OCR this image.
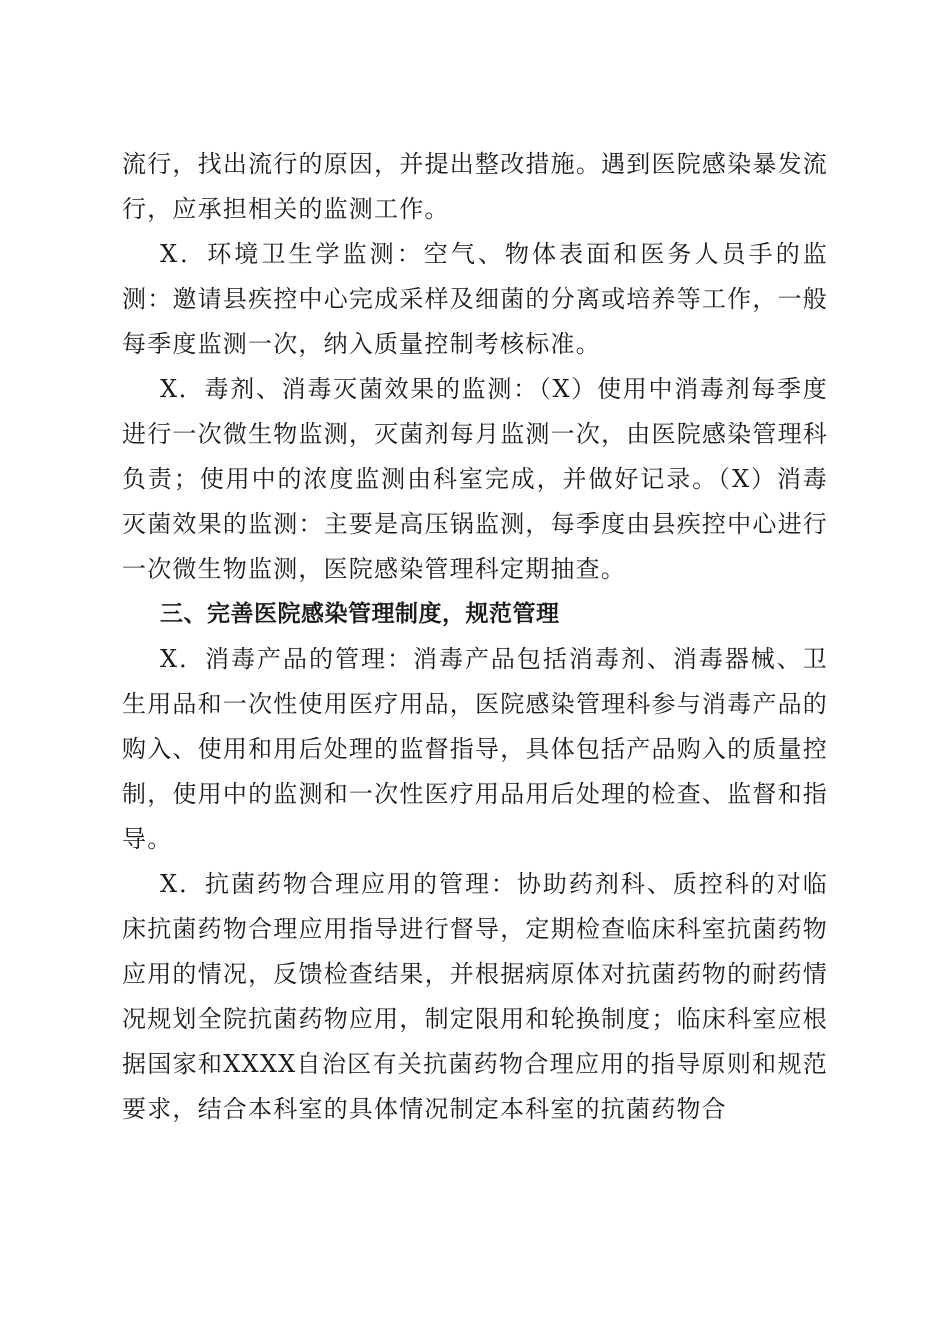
流行，找出流行的原因，并提出整改措施。遇到医院感染暴发流行，应承担相关的监测工作。

X．环境卫生学监测：空气、物体表面和医务人员手的监测：邀请县疾控中心完成采样及细菌的分离或培养等工作，一般每季度监测一次，纳入质量控制考核标准。

X．毒剂、消毒灭菌效果的监测：（X）使用中消毒剂每季度进行一次微生物监测，灭菌剂每月监测一次，由医院感染管理科负责；使用中的浓度监测由科室完成，并做好记录。（X）消毒灭菌效果的监测：主要是高压锅监测，每季度由县疾控中心进行一次微生物监测，医院感染管理科定期抽查。

三、完善医院感染管理制度，规范管理

X．消毒产品的管理：消毒产品包括消毒剂、消毒器械、卫生用品和一次性使用医疗用品，医院感染管理科参与消毒产品的购入、使用和用后处理的监督指导，具体包括产品购入的质量控制，使用中的监测和一次性医疗用品用后处理的检查、监督和指导。

X．抗菌药物合理应用的管理：协助药剂科、质控科的对临床抗菌药物合理应用指导进行督导，定期检查临床科室抗菌药物应用的情况，反馈检查结果，并根据病原体对抗菌药物的耐药情况规划全院抗菌药物应用，制定限用和轮换制度；临床科室应根据国家和XXXX自治区有关抗菌药物合理应用的指导原则和规范要求，结合本科室的具体情况制定本科室的抗菌药物合
